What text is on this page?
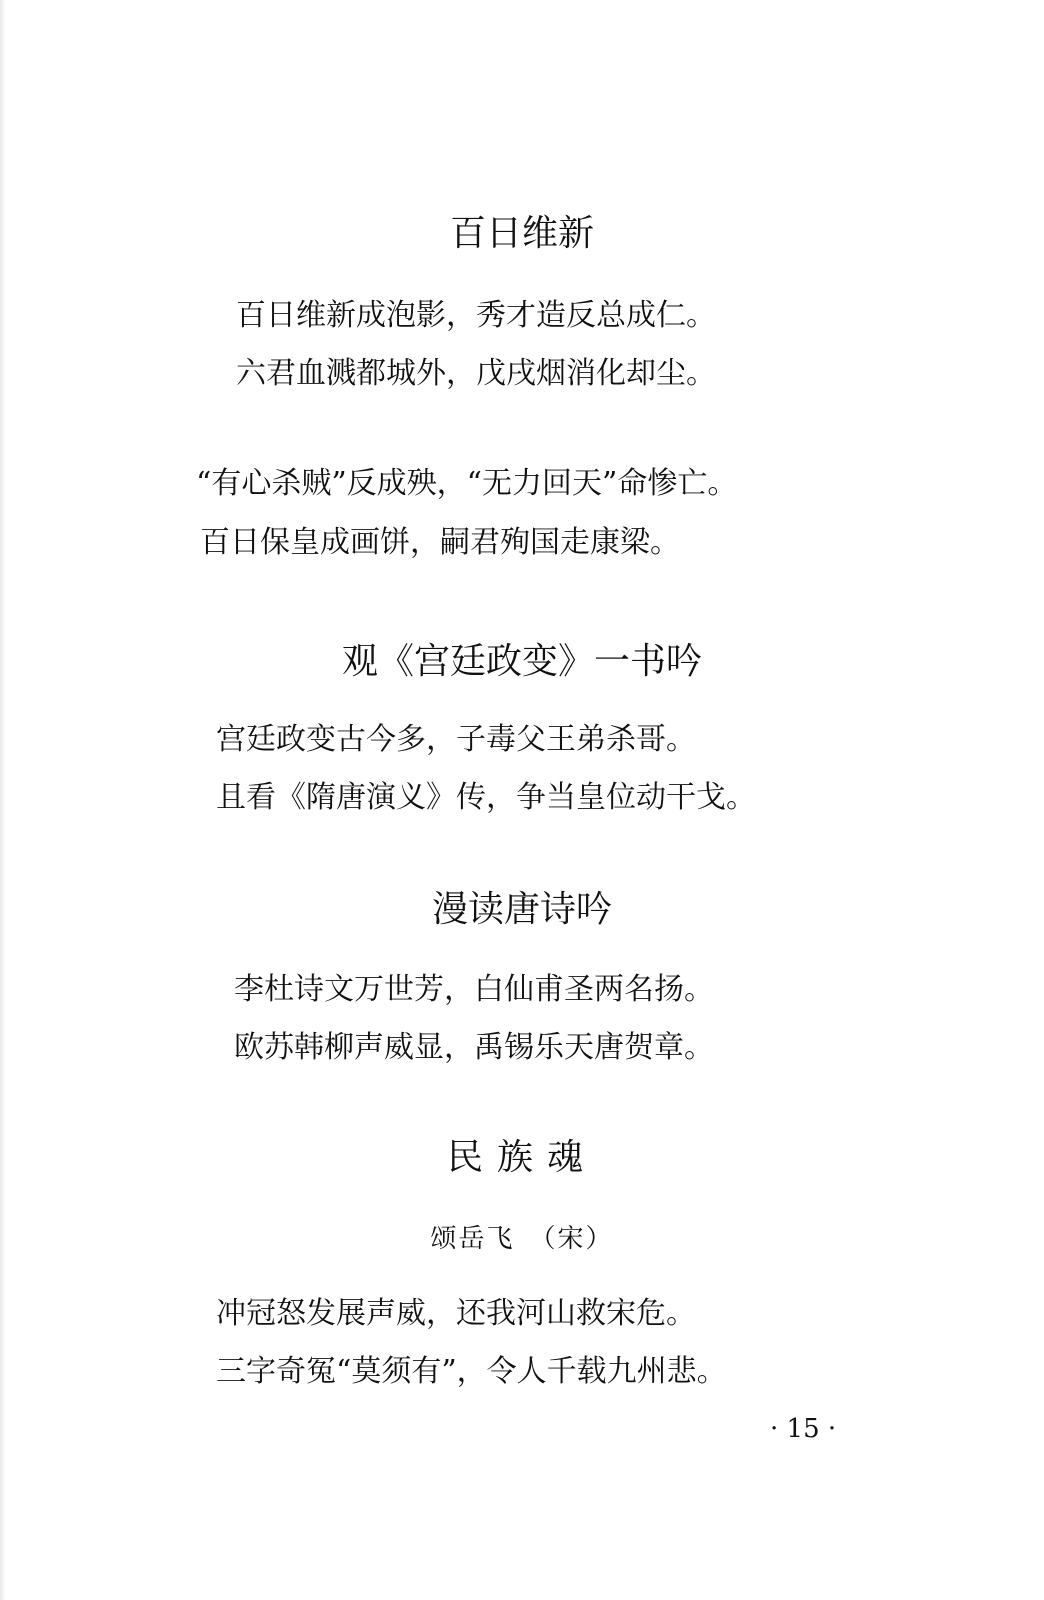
百日维新
百日维新成泡影，秀才造反总成仁。
六君血溅都城外，戊戌烟消化却尘。
“有心杀贼”反成殃，“无力回天”命惨亡。
百日保皇成画饼，嗣君殉国走康梁。
观《宫廷政变》一书吟
宫廷政变古今多，子毒父王弟杀哥。
且看《隋唐演义》传，争当皇位动干戈。
漫读唐诗吟
李杜诗文万世芳，白仙甫圣两名扬。
欧苏韩柳声威显，禹锡乐天唐贺章。
民族魂
颂岳飞　（宋）
冲冠怒发展声威，还我河山救宋危。
三字奇冤“莫须有”，令人千载九州悲。
· 15 ·
